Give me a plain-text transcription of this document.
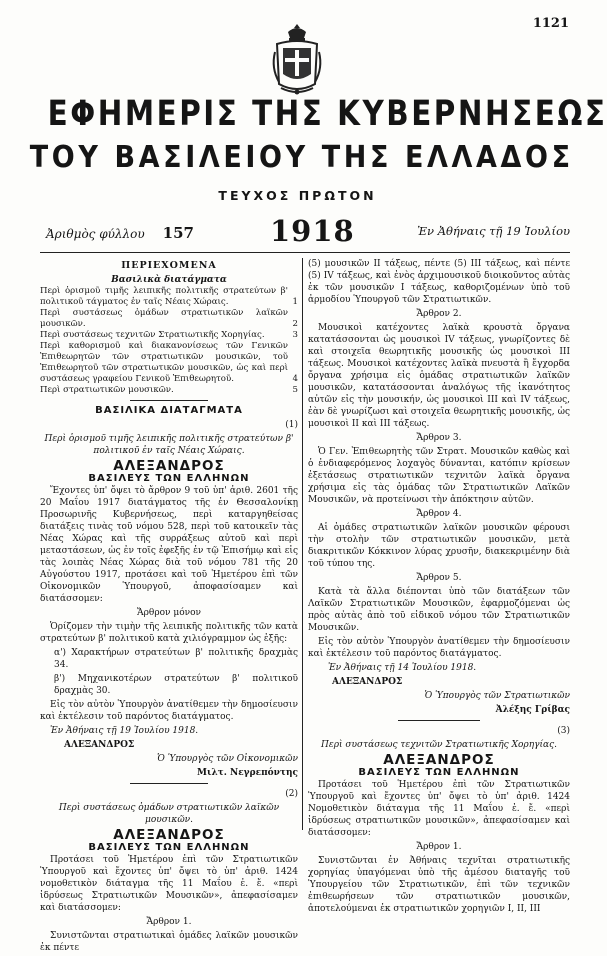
1121
ΕΦΗΜΕΡΙΣ ΤΗΣ ΚΥΒΕΡΝΗΣΕΩΣ
ΤΟΥ ΒΑΣΙΛΕΙΟΥ ΤΗΣ ΕΛΛΑΔΟΣ
ΤΕΥΧΟΣ ΠΡΩΤΟΝ
Ἀριθμὸς φύλλου 157	1918	Ἐν Ἀθήναις τῇ 19 Ἰουλίου
ΠΕΡΙΕΧΟΜΕΝΑ
Βασιλικὰ διατάγματα
Περὶ ὁρισμοῦ τιμῆς λειπικῆς πολιτικῆς στρατεύτων β' πολιτικοῦ τάγματος ἐν ταῖς Νέαις Χώραις.	1
Περὶ συστάσεως ὁμάδων στρατιωτικῶν λαϊκῶν μουσικῶν.	2
Περὶ συστάσεως τεχνιτῶν Στρατιωτικῆς Χορηγίας.	3
Περὶ καθορισμοῦ καὶ διακανονίσεως τῶν Γενικῶν Ἐπιθεωρητῶν τῶν στρατιωτικῶν μουσικῶν, τοῦ Ἐπιθεωρητοῦ τῶν στρατιωτικῶν μουσικῶν, ὡς καὶ περὶ συστάσεως γραφείου Γενικοῦ Ἐπιθεωρητοῦ.	4
Περὶ στρατιωτικῶν μουσικῶν.	5
ΒΑΣΙΛΙΚΑ ΔΙΑΤΑΓΜΑΤΑ

(1)

Περὶ ὁρισμοῦ τιμῆς λειπικῆς πολιτικῆς στρατεύτων β' πολιτικοῦ ἐν ταῖς Νέαις Χώραις.

ΑΛΕΞΑΝΔΡΟΣ
ΒΑΣΙΛΕΥΣ ΤΩΝ ΕΛΛΗΝΩΝ

Ἔχοντες ὑπ' ὄψει τὸ ἄρθρον 9 τοῦ ὑπ' ἀριθ. 2601 τῆς 20 Μαΐου 1917 διατάγματος τῆς ἐν Θεσσαλονίκῃ Προσωρινῆς Κυβερνήσεως, περὶ καταργηθείσας διατάξεις τινὰς τοῦ νόμου 528, περὶ τοῦ κατοικεῖν τὰς Νέας Χώρας καὶ τῆς συρράξεως αὐτοῦ καὶ περὶ μεταστάσεων, ὡς ἐν τοῖς ἐφεξῆς ἐν τῷ Ἐπισήμῳ καὶ εἰς τὰς λοιπὰς Νέας Χώρας διὰ τοῦ νόμου 781 τῆς 20 Αὐγούστου 1917, προτάσει καὶ τοῦ Ἡμετέρου ἐπὶ τῶν Οἰκονομικῶν Ὑπουργοῦ, ἀποφασίσαμεν καὶ διατάσσομεν:

Ἄρθρον μόνον

Ὁρίζομεν τὴν τιμὴν τῆς λειπικῆς πολιτικῆς τῶν κατὰ στρατεύτων β' πολιτικοῦ κατὰ χιλιόγραμμον ὡς ἑξῆς:

α') Χαρακτήρων στρατεύτων β' πολιτικῆς δραχμὰς 34.

β') Μηχανικοτέρων στρατεύτων β' πολιτικοῦ δραχμὰς 30.

Εἰς τὸν αὐτὸν Ὑπουργὸν ἀνατίθεμεν τὴν δημοσίευσιν καὶ ἐκτέλεσιν τοῦ παρόντος διατάγματος.

Ἐν Ἀθήναις τῇ 19 Ἰουλίου 1918.

ΑΛΕΞΑΝΔΡΟΣ

Ὁ Ὑπουργὸς τῶν Οἰκονομικῶν

Μιλτ. Νεγρεπόντης

(2)

Περὶ συστάσεως ὁμάδων στρατιωτικῶν λαϊκῶν μουσικῶν.

ΑΛΕΞΑΝΔΡΟΣ
ΒΑΣΙΛΕΥΣ ΤΩΝ ΕΛΛΗΝΩΝ

Προτάσει τοῦ Ἡμετέρου ἐπὶ τῶν Στρατιωτικῶν Ὑπουργοῦ καὶ ἔχοντες ὑπ' ὄψει τὸ ὑπ' ἀριθ. 1424 νομοθετικὸν διάταγμα τῆς 11 Μαΐου ἐ. ἔ. «περὶ ἱδρύσεως Στρατιωτικῶν Μουσικῶν», ἀπεφασίσαμεν καὶ διατάσσομεν:

Ἄρθρον 1.

Συνιστῶνται στρατιωτικαὶ ὁμάδες λαϊκῶν μουσικῶν ἐκ πέντε

(5) μουσικῶν II τάξεως, πέντε (5) III τάξεως, καὶ πέντε (5) IV τάξεως, καὶ ἐνὸς ἀρχιμουσικοῦ διοικοῦντος αὐτὰς ἐκ τῶν μουσικῶν I τάξεως, καθοριζομένων ὑπὸ τοῦ ἀρμοδίου Ὑπουργοῦ τῶν Στρατιωτικῶν.

Ἄρθρον 2.

Μουσικοὶ κατέχοντες λαϊκὰ κρουστὰ ὄργανα κατατάσσονται ὡς μουσικοὶ IV τάξεως, γνωρίζοντες δὲ καὶ στοιχεῖα θεωρητικῆς μουσικῆς ὡς μουσικοὶ III τάξεως. Μουσικοὶ κατέχοντες λαϊκὰ πνευστὰ ἢ ἔγχορδα ὄργανα χρήσιμα εἰς ὁμάδας στρατιωτικῶν λαϊκῶν μουσικῶν, κατατάσσονται ἀναλόγως τῆς ἱκανότητος αὐτῶν εἰς τὴν μουσικήν, ὡς μουσικοὶ III καὶ IV τάξεως, ἐὰν δὲ γνωρίζωσι καὶ στοιχεῖα θεωρητικῆς μουσικῆς, ὡς μουσικοὶ II καὶ III τάξεως.

Ἄρθρον 3.

Ὁ Γεν. Ἐπιθεωρητὴς τῶν Στρατ. Μουσικῶν καθὼς καὶ ὁ ἐνδιαφερόμενος λοχαγὸς δύνανται, κατόπιν κρίσεων ἐξετάσεως στρατιωτικῶν τεχνιτῶν λαϊκὰ ὄργανα χρήσιμα εἰς τὰς ὁμάδας τῶν Στρατιωτικῶν Λαϊκῶν Μουσικῶν, νὰ προτείνωσι τὴν ἀπόκτησιν αὐτῶν.

Ἄρθρον 4.

Αἱ ὁμάδες στρατιωτικῶν λαϊκῶν μουσικῶν φέρουσι τὴν στολὴν τῶν στρατιωτικῶν μουσικῶν, μετὰ διακριτικῶν Κόκκινον λύρας χρυσῆν, διακεκριμένην διὰ τοῦ τύπου της.

Ἄρθρον 5.

Κατὰ τὰ ἄλλα διέπονται ὑπὸ τῶν διατάξεων τῶν Λαϊκῶν Στρατιωτικῶν Μουσικῶν, ἐφαρμοζόμεναι ὡς πρὸς αὐτὰς ἀπὸ τοῦ εἰδικοῦ νόμου τῶν Στρατιωτικῶν Μουσικῶν.

Εἰς τὸν αὐτὸν Ὑπουργὸν ἀνατίθεμεν τὴν δημοσίευσιν καὶ ἐκτέλεσιν τοῦ παρόντος διατάγματος.

Ἐν Ἀθήναις τῇ 14 Ἰουλίου 1918.

ΑΛΕΞΑΝΔΡΟΣ

Ὁ Ὑπουργὸς τῶν Στρατιωτικῶν

Ἀλέξης Γρίβας

(3)

Περὶ συστάσεως τεχνιτῶν Στρατιωτικῆς Χορηγίας.

ΑΛΕΞΑΝΔΡΟΣ
ΒΑΣΙΛΕΥΣ ΤΩΝ ΕΛΛΗΝΩΝ

Προτάσει τοῦ Ἡμετέρου ἐπὶ τῶν Στρατιωτικῶν Ὑπουργοῦ καὶ ἔχοντες ὑπ' ὄψει τὸ ὑπ' ἀριθ. 1424 Νομοθετικὸν διάταγμα τῆς 11 Μαΐου ἐ. ἔ. «περὶ ἱδρύσεως στρατιωτικῶν μουσικῶν», ἀπεφασίσαμεν καὶ διατάσσομεν:

Ἄρθρον 1.

Συνιστῶνται ἐν Ἀθήναις τεχνῖται στρατιωτικῆς χορηγίας ὑπαγόμεναι ὑπὸ τῆς ἀμέσου διαταγῆς τοῦ Ὑπουργείου τῶν Στρατιωτικῶν, ἐπὶ τῶν τεχνικῶν ἐπιθεωρήσεων τῶν στρατιωτικῶν μουσικῶν, ἀποτελούμεναι ἐκ στρατιωτικῶν χορηγιῶν I, II, III
